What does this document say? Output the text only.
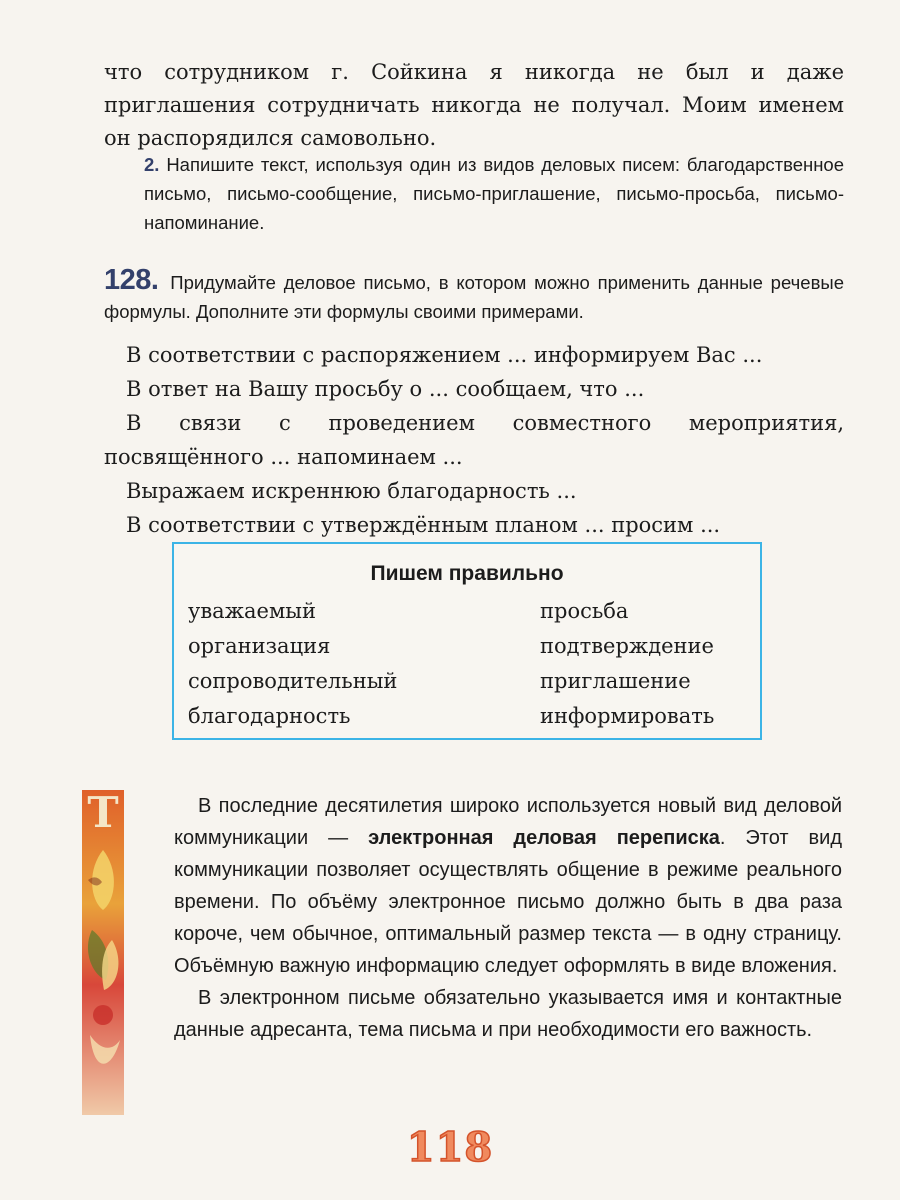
что сотрудником г. Сойкина я никогда не был и даже приглашения сотрудничать никогда не получал. Моим именем он распорядился самовольно.
2. Напишите текст, используя один из видов деловых писем: благодарственное письмо, письмо-сообщение, письмо-приглашение, письмо-просьба, письмо-напоминание.
128. Придумайте деловое письмо, в котором можно применить данные речевые формулы. Дополните эти формулы своими примерами.
В соответствии с распоряжением ... информируем Вас ...
В ответ на Вашу просьбу о ... сообщаем, что ...
В связи с проведением совместного мероприятия, посвящённого ... напоминаем ...
Выражаем искреннюю благодарность ...
В соответствии с утверждённым планом ... просим ...
Пишем правильно
уважаемый
организация
сопроводительный
благодарность
просьба
подтверждение
приглашение
информировать
Т	В последние десятилетия широко используется новый вид деловой коммуникации — электронная деловая переписка. Этот вид коммуникации позволяет осуществлять общение в режиме реального времени. По объёму электронное письмо должно быть в два раза короче, чем обычное, оптимальный размер текста — в одну страницу. Объёмную важную информацию следует оформлять в виде вложения.

В электронном письме обязательно указывается имя и контактные данные адресанта, тема письма и при необходимости его важность.

118
